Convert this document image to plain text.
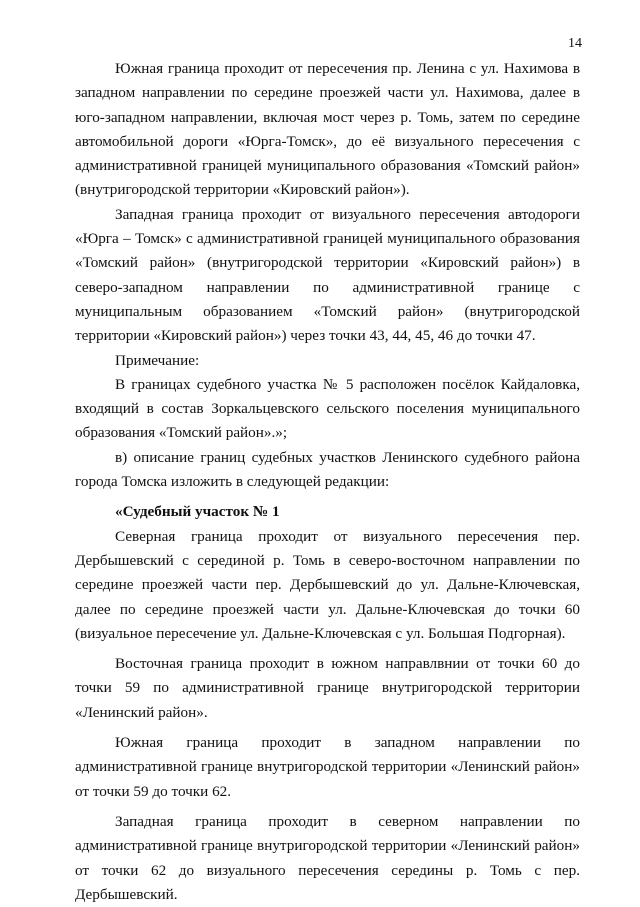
14

Южная граница проходит от пересечения пр. Ленина с ул. Нахимова в западном направлении по середине проезжей части ул. Нахимова, далее в юго-западном направлении, включая мост через р. Томь, затем по середине автомобильной дороги «Юрга-Томск», до её визуального пересечения с административной границей муниципального образования «Томский район» (внутригородской территории «Кировский район»).

Западная граница проходит от визуального пересечения автодороги «Юрга – Томск» с административной границей муниципального образования «Томский район» (внутригородской территории «Кировский район») в северо-западном направлении по административной границе с муниципальным образованием «Томский район» (внутригородской территории «Кировский район») через точки 43, 44, 45, 46 до точки 47.

Примечание:

В границах судебного участка № 5 расположен посёлок Кайдаловка, входящий в состав Зоркальцевского сельского поселения муниципального образования «Томский район».»;

в) описание границ судебных участков Ленинского судебного района города Томска изложить в следующей редакции:

«Судебный участок № 1

Северная граница проходит от визуального пересечения пер. Дербышевский с серединой р. Томь в северо-восточном направлении по середине проезжей части пер. Дербышевский до ул. Дальне-Ключевская, далее по середине проезжей части ул. Дальне-Ключевская до точки 60 (визуальное пересечение ул. Дальне-Ключевская с ул. Большая Подгорная).

Восточная граница проходит в южном направлвнии от точки 60 до точки 59 по административной границе внутригородской территории «Ленинский район».

Южная граница проходит в западном направлении по административной границе внутригородской территории «Ленинский район» от точки 59 до точки 62.

Западная граница проходит в северном направлении по административной границе внутригородской территории «Ленинский район» от точки 62 до визуального пересечения середины р. Томь с пер. Дербышевский.
